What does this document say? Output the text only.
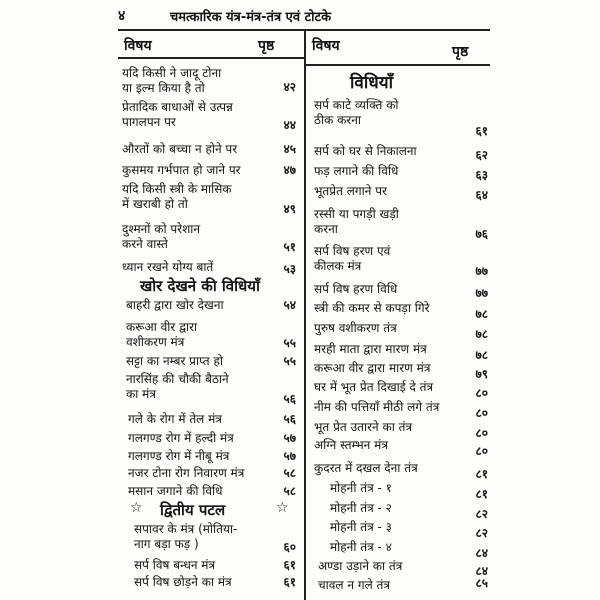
४	चमत्कारिक यंत्र-मंत्र-तंत्र एवं टोटके
विषय	पृष्ठ	विषय	पृष्ठ
यदि किसी ने जादू टोना
या इल्म किया है तो	४२
प्रेतादिक बाधाओं से उत्पन्न
पागलपन पर	४४
औरतों को बच्चा न होने पर	४५
कुसमय गर्भपात हो जाने पर	४७
यदि किसी स्त्री के मासिक
में खराबी हो तो	४९
दुश्मनों को परेशान
करने वास्ते	५१
ध्यान रखने योग्य बातें	५३
खोर देखने की विधियाँ
बाहरी द्वारा खोर देखना	५४
करूआ वीर द्वारा
वशीकरण मंत्र	५५
सट्टा का नम्बर प्राप्त हो	५५
नारसिंह की चौकी बैठाने
का मंत्र	५६
गले के रोग में तेल मंत्र	५६
गलगण्ड रोग में हल्दी मंत्र	५७
गलगण्ड रोग में नीबू मंत्र	५७
नजर टोना रोग निवारण मंत्र	५८
मसान जगाने की विधि	५८
☆ द्वितीय पटल	☆
सपावर के मंत्र (मोतिया-
नाग बड़ा फड़ )	६०
सर्प विष बन्धन मंत्र	६१
सर्प विष छोड़ने का मंत्र	६१
विधियाँ
सर्प काटे व्यक्ति को
ठीक करना
६१
सर्प को घर से निकालना	६२
फड़ लगाने की विधि	६३
भूतप्रेत लगाने पर	६४
रस्सी या पगड़ी खड़ी
करना	७६
सर्प विष हरण एवं
कीलक मंत्र	७७
सर्प विष हरण विधि	७७
स्त्री की कमर से कपड़ा गिरे	७८
पुरुष वशीकरण तंत्र	७८
मरही माता द्वारा मारण मंत्र	७८
करूआ वीर द्वारा मारण मंत्र	७९
घर में भूत प्रेत दिखाई दे तंत्र	८०
नीम की पत्तियाँ मीठी लगे तंत्र	८०
भूत प्रेत उतारने का तंत्र	८०
अग्नि स्तम्भन मंत्र	८०
कुदरत में दखल देना तंत्र	८१
मोहनी तंत्र - १	८१
मोहनी तंत्र - २	८२
मोहनी तंत्र - ३	८२
मोहनी तंत्र - ४	८४
अण्डा उड़ाने का तंत्र	८४
चावल न गले तंत्र	८५
